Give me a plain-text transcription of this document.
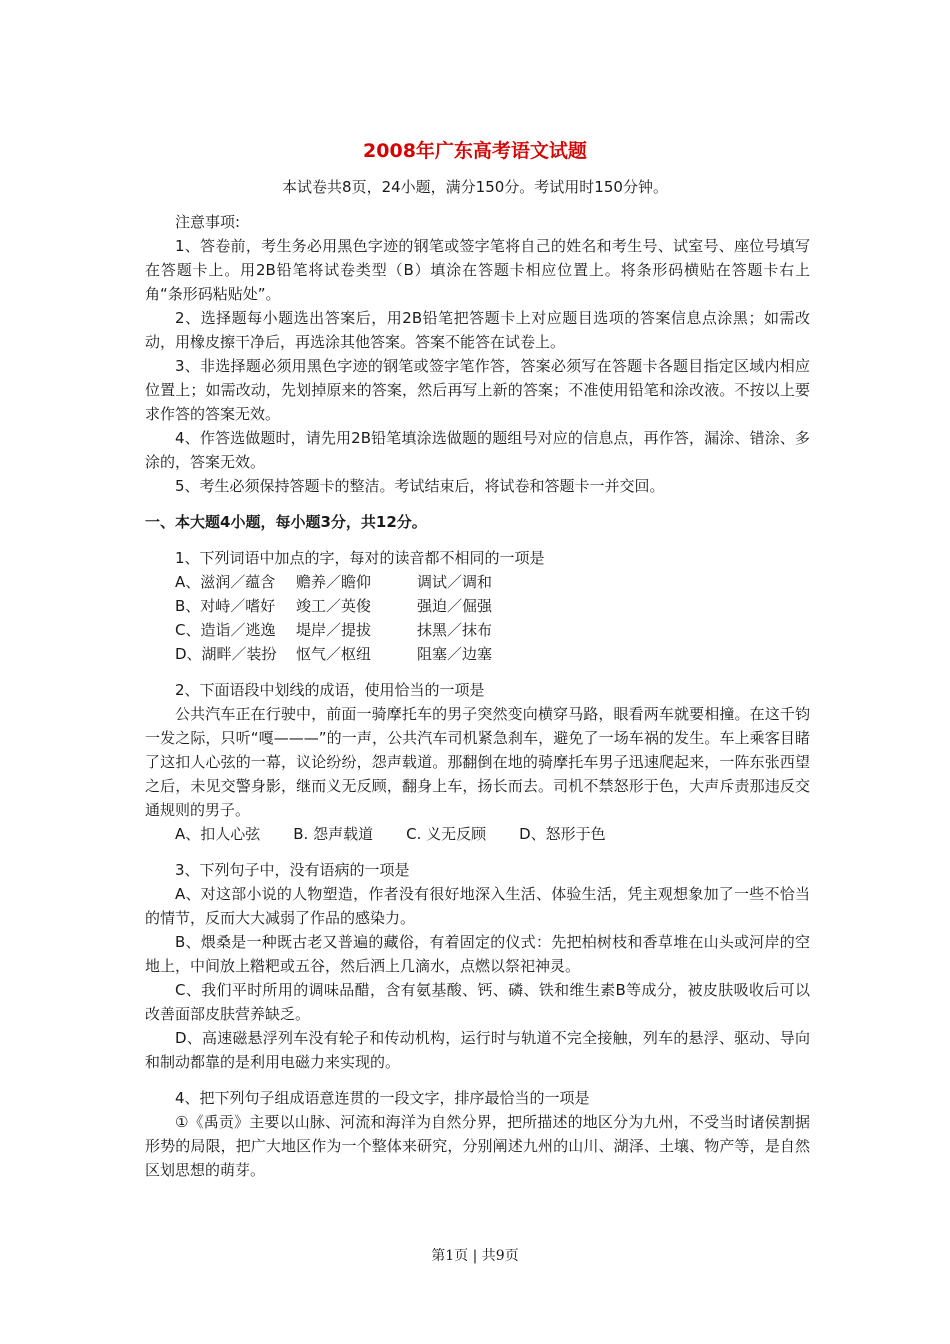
2008年广东高考语文试题
本试卷共8页，24小题，满分150分。考试用时150分钟。

注意事项:

1、答卷前，考生务必用黑色字迹的钢笔或签字笔将自己的姓名和考生号、试室号、座位号填写在答题卡上。用2B铅笔将试卷类型（B）填涂在答题卡相应位置上。将条形码横贴在答题卡右上角“条形码粘贴处”。

2、选择题每小题选出答案后，用2B铅笔把答题卡上对应题目选项的答案信息点涂黑；如需改动，用橡皮擦干净后，再选涂其他答案。答案不能答在试卷上。

3、非选择题必须用黑色字迹的钢笔或签字笔作答，答案必须写在答题卡各题目指定区域内相应位置上；如需改动，先划掉原来的答案，然后再写上新的答案；不准使用铅笔和涂改液。不按以上要求作答的答案无效。

4、作答选做题时，请先用2B铅笔填涂选做题的题组号对应的信息点，再作答，漏涂、错涂、多涂的，答案无效。

5、考生必须保持答题卡的整洁。考试结束后，将试卷和答题卡一并交回。

一、本大题4小题，每小题3分，共12分。

1、下列词语中加点的字，每对的读音都不相同的一项是

A、滋润／蕴含	赡养／瞻仰	调试／调和
B、对峙／嗜好	竣工／英俊	强迫／倔强
C、造诣／逃逸	堤岸／提拔	抹黑／抹布
D、湖畔／装扮	怄气／枢纽	阻塞／边塞

2、下面语段中划线的成语，使用恰当的一项是

公共汽车正在行驶中，前面一骑摩托车的男子突然变向横穿马路，眼看两车就要相撞。在这千钧一发之际，只听“嘎———”的一声，公共汽车司机紧急刹车，避免了一场车祸的发生。车上乘客目睹了这扣人心弦的一幕，议论纷纷，怨声载道。那翻倒在地的骑摩托车男子迅速爬起来，一阵东张西望之后，未见交警身影，继而义无反顾，翻身上车，扬长而去。司机不禁怒形于色，大声斥责那违反交通规则的男子。

A、扣人心弦 B. 怨声载道 C. 义无反顾 D、怒形于色

3、下列句子中，没有语病的一项是

A、对这部小说的人物塑造，作者没有很好地深入生活、体验生活，凭主观想象加了一些不恰当的情节，反而大大减弱了作品的感染力。

B、煨桑是一种既古老又普遍的藏俗，有着固定的仪式：先把柏树枝和香草堆在山头或河岸的空地上，中间放上糌粑或五谷，然后洒上几滴水，点燃以祭祀神灵。

C、我们平时所用的调味品醋，含有氨基酸、钙、磷、铁和维生素B等成分，被皮肤吸收后可以改善面部皮肤营养缺乏。

D、高速磁悬浮列车没有轮子和传动机构，运行时与轨道不完全接触，列车的悬浮、驱动、导向和制动都靠的是利用电磁力来实现的。

4、把下列句子组成语意连贯的一段文字，排序最恰当的一项是

①《禹贡》主要以山脉、河流和海洋为自然分界，把所描述的地区分为九州，不受当时诸侯割据形势的局限，把广大地区作为一个整体来研究，分别阐述九州的山川、湖泽、土壤、物产等，是自然区划思想的萌芽。

第1页 | 共9页
